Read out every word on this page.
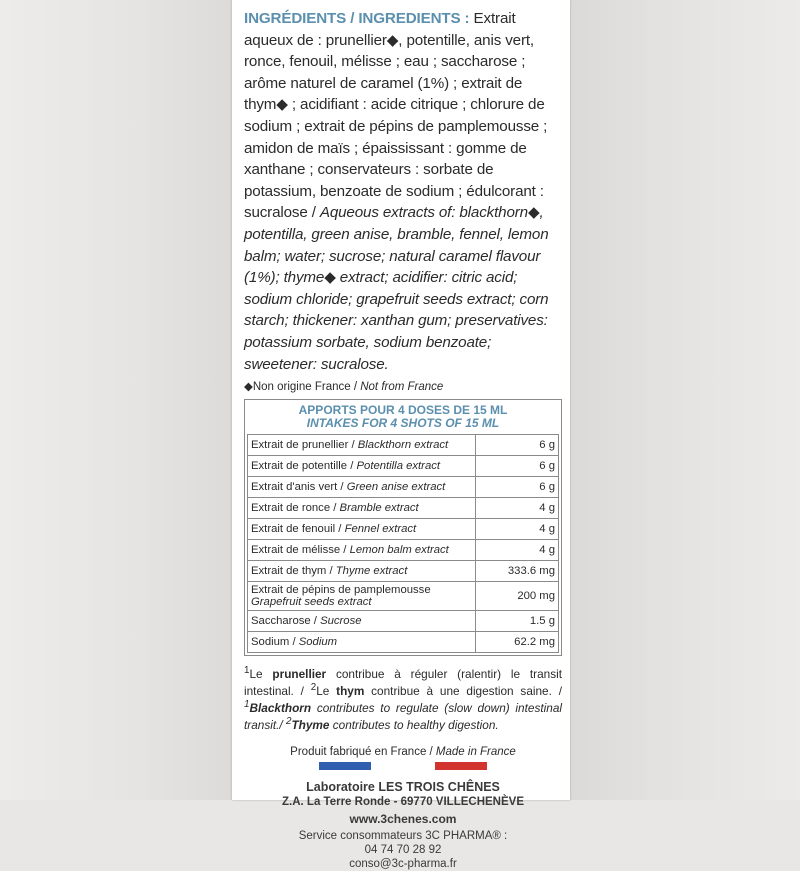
INGRÉDIENTS / INGREDIENTS : Extrait aqueux de : prunellier◆, potentille, anis vert, ronce, fenouil, mélisse ; eau ; saccharose ; arôme naturel de caramel (1%) ; extrait de thym◆ ; acidifiant : acide citrique ; chlorure de sodium ; extrait de pépins de pamplemousse ; amidon de maïs ; épaississant : gomme de xanthane ; conservateurs : sorbate de potassium, benzoate de sodium ; édulcorant : sucralose / Aqueous extracts of: blackthorn◆, potentilla, green anise, bramble, fennel, lemon balm; water; sucrose; natural caramel flavour (1%); thyme◆ extract; acidifier: citric acid; sodium chloride; grapefruit seeds extract; corn starch; thickener: xanthan gum; preservatives: potassium sorbate, sodium benzoate; sweetener: sucralose.

◆Non origine France / Not from France
APPORTS POUR 4 DOSES DE 15 ML
INTAKES FOR 4 SHOTS OF 15 ML
Extrait de prunellier / Blackthorn extract	6 g
Extrait de potentille / Potentilla extract	6 g
Extrait d'anis vert / Green anise extract	6 g
Extrait de ronce / Bramble extract	4 g
Extrait de fenouil / Fennel extract	4 g
Extrait de mélisse / Lemon balm extract	4 g
Extrait de thym / Thyme extract	333.6 mg
Extrait de pépins de pamplemousse
Grapefruit seeds extract	200 mg
Saccharose / Sucrose	1.5 g
Sodium / Sodium	62.2 mg
$^1$Le prunellier contribue à réguler (ralentir) le transit intestinal. / $^2$Le thym contribue à une digestion saine. / $^1$Blackthorn contributes to regulate (slow down) intestinal transit./ $^2$Thyme contributes to healthy digestion.
Produit fabriqué en France / Made in France
Laboratoire LES TROIS CHÊNES
Z.A. La Terre Ronde - 69770 VILLECHENÈVE
www.3chenes.com
Service consommateurs 3C PHARMA® :
04 74 70 28 92
conso@3c-pharma.fr
